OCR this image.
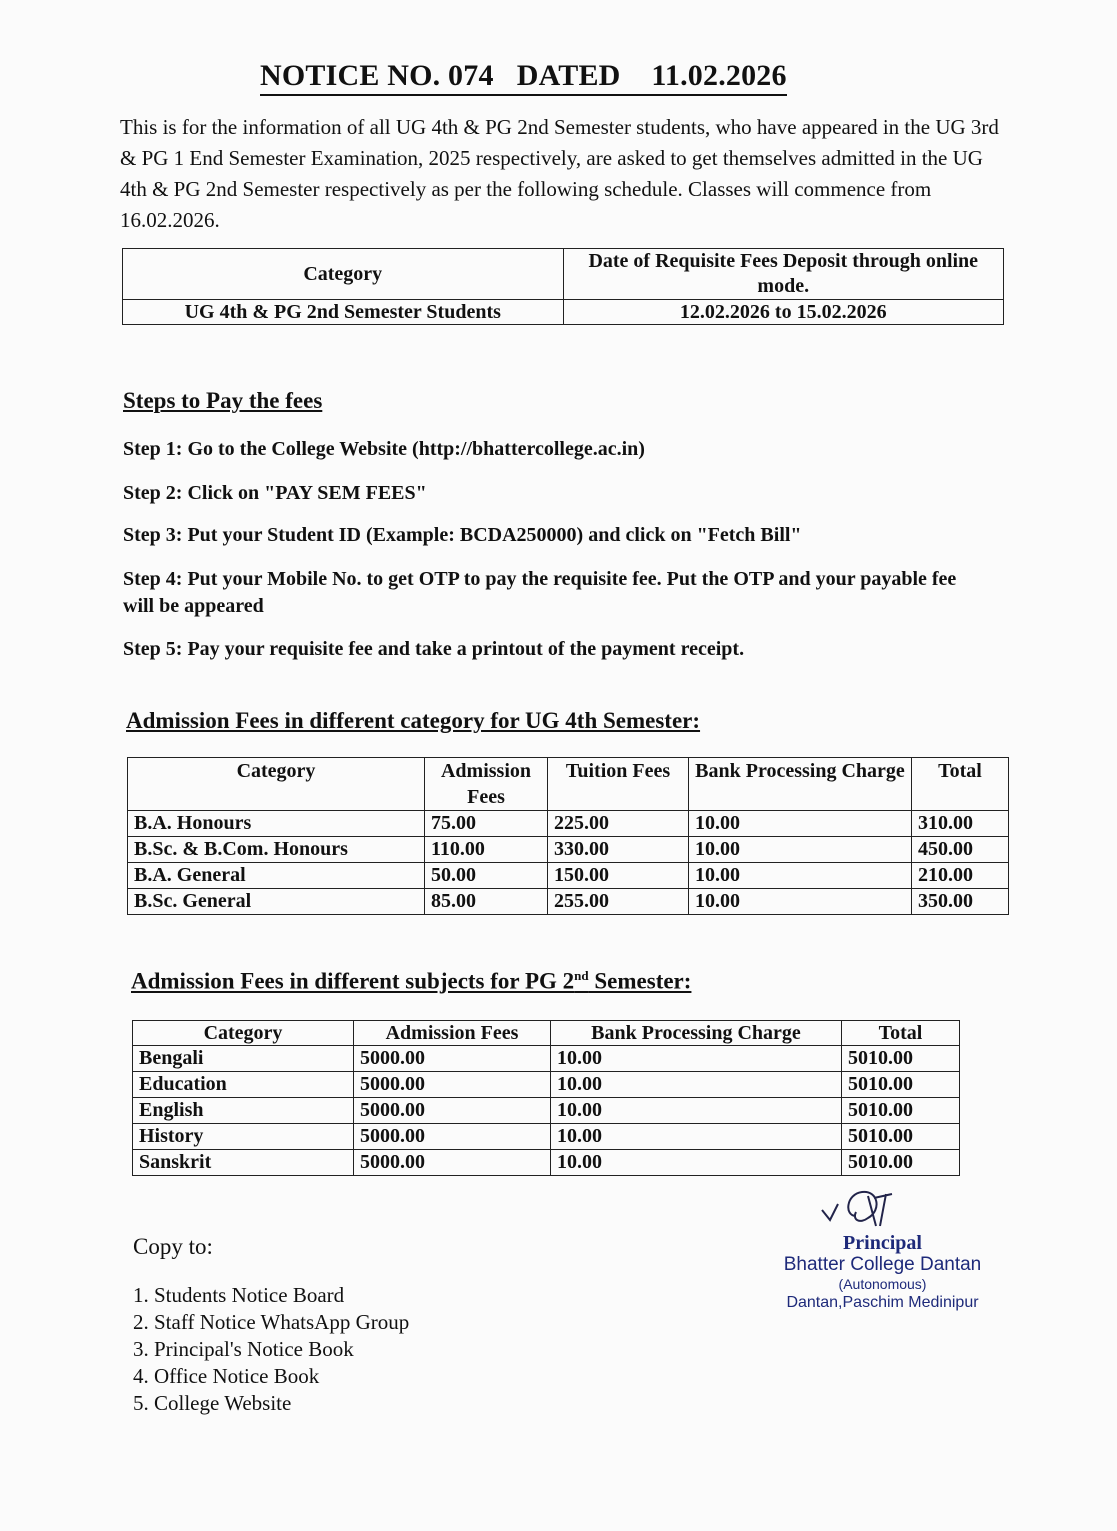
NOTICE NO. 074   DATED    11.02.2026
This is for the information of all UG 4th & PG 2nd Semester students, who have appeared in the UG 3rd & PG 1 End Semester Examination, 2025 respectively, are asked to get themselves admitted in the UG 4th & PG 2nd Semester respectively as per the following schedule. Classes will commence from 16.02.2026.
Category	Date of Requisite Fees Deposit through online mode.
UG 4th & PG 2nd Semester Students	12.02.2026 to 15.02.2026
Steps to Pay the fees
Step 1: Go to the College Website (http://bhattercollege.ac.in)
Step 2: Click on "PAY SEM FEES"
Step 3: Put your Student ID (Example: BCDA250000) and click on "Fetch Bill"
Step 4: Put your Mobile No. to get OTP to pay the requisite fee. Put the OTP and your payable fee will be appeared
Step 5: Pay your requisite fee and take a printout of the payment receipt.
Admission Fees in different category for UG 4th Semester:
Category	Admission Fees	Tuition Fees	Bank Processing Charge	Total
B.A. Honours	75.00	225.00	10.00	310.00
B.Sc. & B.Com. Honours	110.00	330.00	10.00	450.00
B.A. General	50.00	150.00	10.00	210.00
B.Sc. General	85.00	255.00	10.00	350.00
Admission Fees in different subjects for PG 2nd Semester:
Category	Admission Fees	Bank Processing Charge	Total
Bengali	5000.00	10.00	5010.00
Education	5000.00	10.00	5010.00
English	5000.00	10.00	5010.00
History	5000.00	10.00	5010.00
Sanskrit	5000.00	10.00	5010.00
Principal
Bhatter College Dantan
(Autonomous)
Dantan,Paschim Medinipur
Copy to:
1. Students Notice Board
2. Staff Notice WhatsApp Group
3. Principal's Notice Book
4. Office Notice Book
5. College Website
